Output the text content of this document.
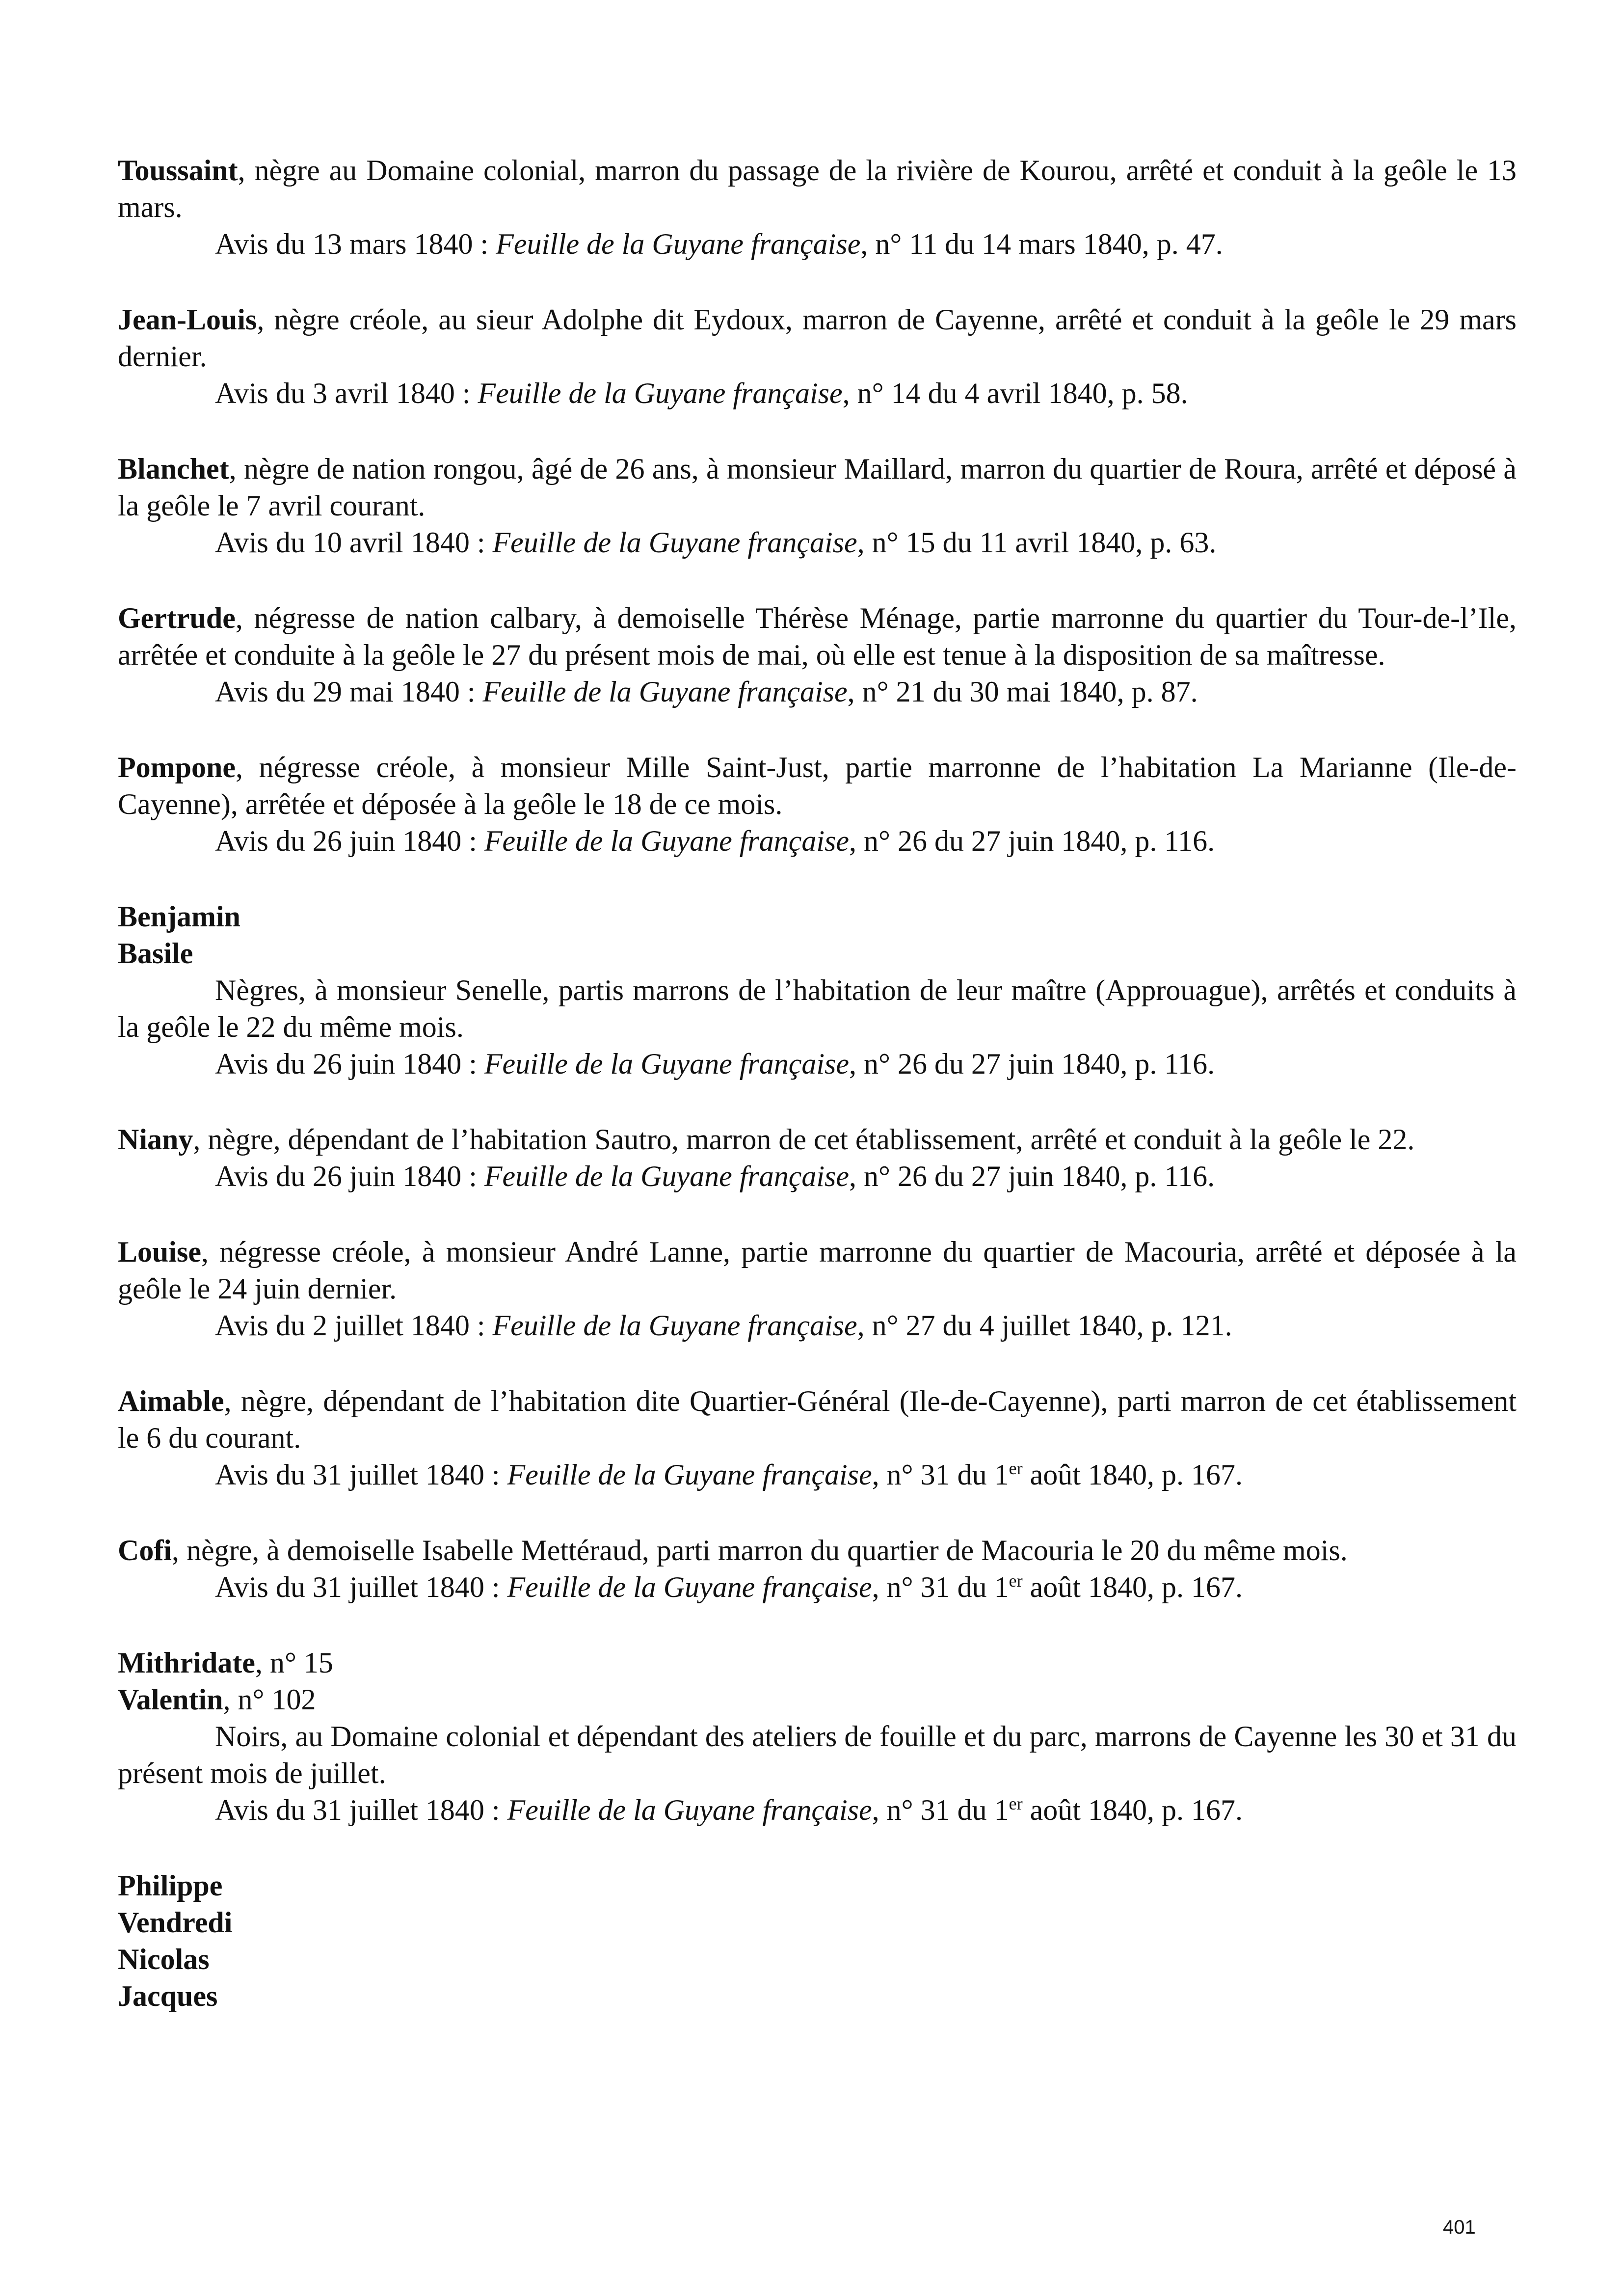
Toussaint, nègre au Domaine colonial, marron du passage de la rivière de Kourou, arrêté et conduit à la geôle le 13 mars.

Avis du 13 mars 1840 : Feuille de la Guyane française, n° 11 du 14 mars 1840, p. 47.

Jean-Louis, nègre créole, au sieur Adolphe dit Eydoux, marron de Cayenne, arrêté et conduit à la geôle le 29 mars dernier.

Avis du 3 avril 1840 : Feuille de la Guyane française, n° 14 du 4 avril 1840, p. 58.

Blanchet, nègre de nation rongou, âgé de 26 ans, à monsieur Maillard, marron du quartier de Roura, arrêté et déposé à la geôle le 7 avril courant.

Avis du 10 avril 1840 : Feuille de la Guyane française, n° 15 du 11 avril 1840, p. 63.

Gertrude, négresse de nation calbary, à demoiselle Thérèse Ménage, partie marronne du quartier du Tour-de-l’Ile, arrêtée et conduite à la geôle le 27 du présent mois de mai, où elle est tenue à la disposition de sa maîtresse.

Avis du 29 mai 1840 : Feuille de la Guyane française, n° 21 du 30 mai 1840, p. 87.

Pompone, négresse créole, à monsieur Mille Saint-Just, partie marronne de l’habitation La Marianne (Ile-de-Cayenne), arrêtée et déposée à la geôle le 18 de ce mois.

Avis du 26 juin 1840 : Feuille de la Guyane française, n° 26 du 27 juin 1840, p. 116.

Benjamin
Basile

Nègres, à monsieur Senelle, partis marrons de l’habitation de leur maître (Approuague), arrêtés et conduits à la geôle le 22 du même mois.

Avis du 26 juin 1840 : Feuille de la Guyane française, n° 26 du 27 juin 1840, p. 116.

Niany, nègre, dépendant de l’habitation Sautro, marron de cet établissement, arrêté et conduit à la geôle le 22.

Avis du 26 juin 1840 : Feuille de la Guyane française, n° 26 du 27 juin 1840, p. 116.

Louise, négresse créole, à monsieur André Lanne, partie marronne du quartier de Macouria, arrêté et déposée à la geôle le 24 juin dernier.

Avis du 2 juillet 1840 : Feuille de la Guyane française, n° 27 du 4 juillet 1840, p. 121.

Aimable, nègre, dépendant de l’habitation dite Quartier-Général (Ile-de-Cayenne), parti marron de cet établissement le 6 du courant.

Avis du 31 juillet 1840 : Feuille de la Guyane française, n° 31 du 1er août 1840, p. 167.

Cofi, nègre, à demoiselle Isabelle Mettéraud, parti marron du quartier de Macouria le 20 du même mois.

Avis du 31 juillet 1840 : Feuille de la Guyane française, n° 31 du 1er août 1840, p. 167.

Mithridate, n° 15
Valentin, n° 102

Noirs, au Domaine colonial et dépendant des ateliers de fouille et du parc, marrons de Cayenne les 30 et 31 du présent mois de juillet.

Avis du 31 juillet 1840 : Feuille de la Guyane française, n° 31 du 1er août 1840, p. 167.

Philippe
Vendredi
Nicolas
Jacques
401
